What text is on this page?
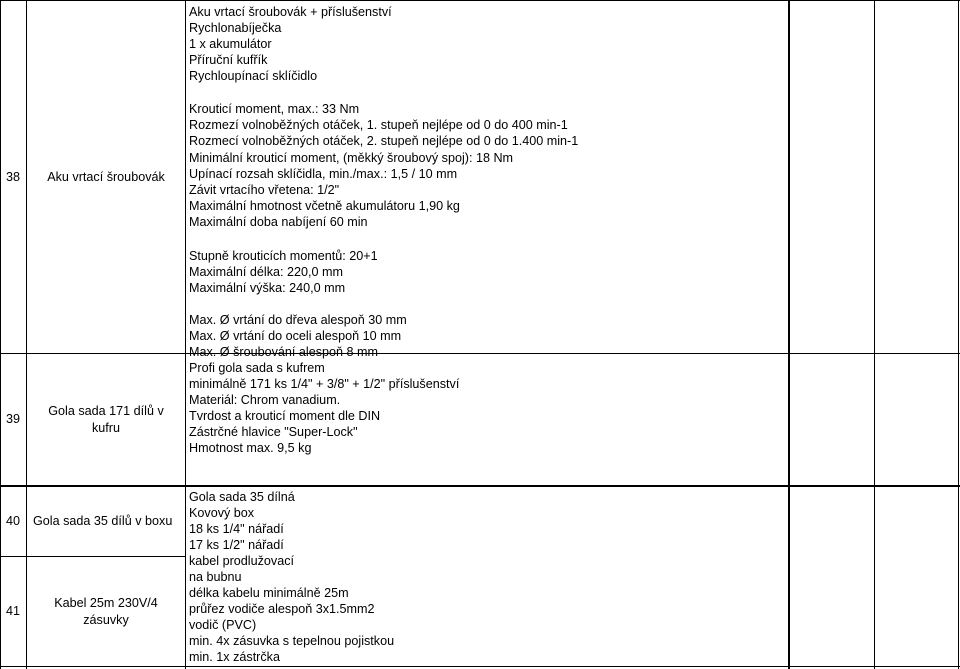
38 Aku vrtací šroubovák
Aku vrtací šroubovák + příslušenství
Rychlonabíječka
1 x akumulátor
Příruční kufřík
Rychloupínací sklíčidlo
Krouticí moment, max.: 33 Nm
Rozmezí volnoběžných otáček, 1. stupeň nejlépe od 0 do 400 min-1
Rozmecí volnoběžných otáček, 2. stupeň nejlépe od 0 do 1.400 min-1
Minimální krouticí moment, (měkký šroubový spoj): 18 Nm
Upínací rozsah sklíčidla, min./max.: 1,5 / 10 mm
Závit vrtacího vřetena: 1/2"
Maximální hmotnost včetně akumulátoru 1,90 kg
Maximální doba nabíjení 60 min
Stupně krouticích momentů: 20+1
Maximální délka: 220,0 mm
Maximální výška: 240,0 mm
Max. Ø vrtání do dřeva alespoň 30 mm
Max. Ø vrtání do oceli alespoň 10 mm
Max. Ø šroubování alespoň 8 mm
39
Gola sada 171 dílů v
kufru
Profi gola sada s kufrem
minimálně 171 ks 1/4" + 3/8" + 1/2" příslušenství
Materiál: Chrom vanadium.
Tvrdost a krouticí moment dle DIN
Zástrčné hlavice "Super-Lock"
Hmotnost max. 9,5 kg
40 Gola sada 35 dílů v boxu
Gola sada 35 dílná
Kovový box
18 ks 1/4" nářadí
17 ks 1/2" nářadí
41
Kabel 25m 230V/4
zásuvky
kabel prodlužovací
na bubnu
délka kabelu minimálně 25m
průřez vodiče alespoň 3x1.5mm2
vodič (PVC)
min. 4x zásuvka s tepelnou pojistkou
min. 1x zástrčka
